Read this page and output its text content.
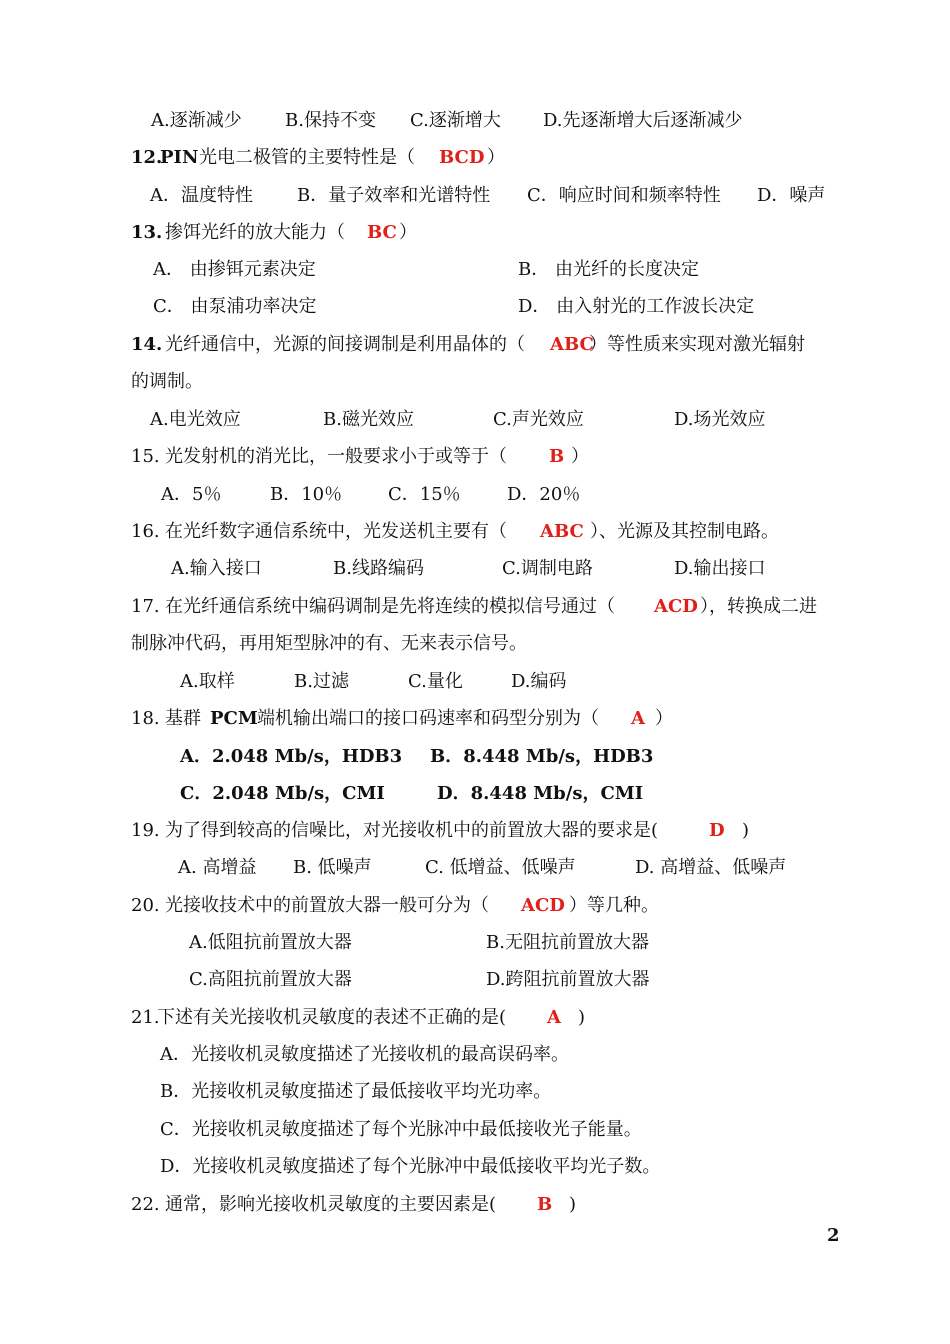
A.逐渐减少 B.保持不变 C.逐渐增大 D.先逐渐增大后逐渐减少
12.
PIN 光电二极管的主要特性是（ BCD ）
A．温度特性 B．量子效率和光谱特性 C．响应时间和频率特性 D．噪声
13. 掺饵光纤的放大能力（ BC ）
A． 由掺铒元素决定	B． 由光纤的长度决定
C． 由泵浦功率决定	D． 由入射光的工作波长决定
14. 光纤通信中，光源的间接调制是利用晶体的（ ABC
）等性质来实现对激光辐射
的调制。
A.电光效应	B.磁光效应	C.声光效应	D.场光效应
15. 光发射机的消光比，一般要求小于或等于（ B ）
A．5％	B．10％	C．15％	D．20％
16. 在光纤数字通信系统中，光发送机主要有（ ABC ）、光源及其控制电路。
A.输入接口	B.线路编码	C.调制电路	D.输出接口
17. 在光纤通信系统中编码调制是先将连续的模拟信号通过（ ACD ），转换成二进
制脉冲代码，再用矩型脉冲的有、无来表示信号。
A.取样	B.过滤	C.量化	D.编码
18. 基群 PCM 端机输出端口的接口码速率和码型分别为（ A ）
A．2.048 Mb/s，HDB3 B．8.448 Mb/s，HDB3
C．2.048 Mb/s，CMI	D．8.448 Mb/s，CMI
19. 为了得到较高的信噪比，对光接收机中的前置放大器的要求是(	D )
A. 高增益 B. 低噪声	C. 低增益、低噪声	D. 高增益、低噪声
20. 光接收技术中的前置放大器一般可分为（ ACD ）等几种。
A.低阻抗前置放大器	B.无阻抗前置放大器
C.高阻抗前置放大器	D.跨阻抗前置放大器
21.
下述有关光接收机灵敏度的表述不正确的是( A )
A．光接收机灵敏度描述了光接收机的最高误码率。
B．光接收机灵敏度描述了最低接收平均光功率。
C．光接收机灵敏度描述了每个光脉冲中最低接收光子能量。
D．光接收机灵敏度描述了每个光脉冲中最低接收平均光子数。
22. 通常，影响光接收机灵敏度的主要因素是( B )
2
